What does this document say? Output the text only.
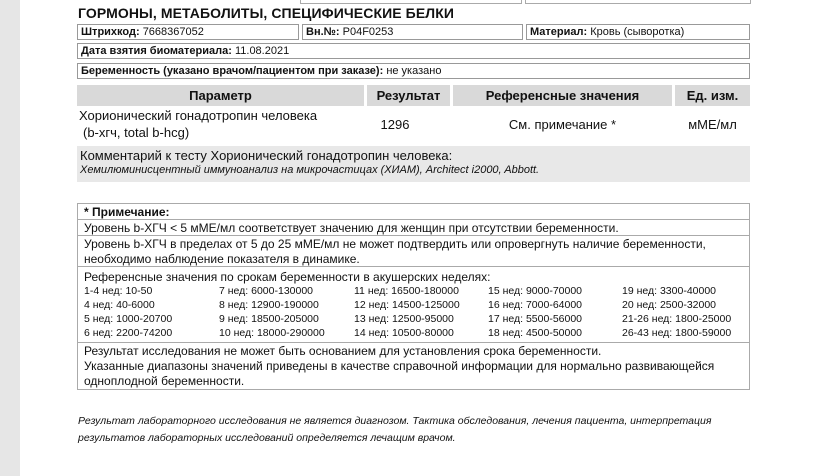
ГОРМОНЫ, МЕТАБОЛИТЫ, СПЕЦИФИЧЕСКИЕ БЕЛКИ
Штрихкод: 7668367052	Вн.№: P04F0253	Материал: Кровь (сыворотка)
Дата взятия биоматериала: 11.08.2021
Беременность (указано врачом/пациентом при заказе): не указано
Параметр	Результат	Референсные значения	Ед. изм.
Хорионический гонадотропин человека
(b-хгч, total b-hcg)
1296	См. примечание *	мМЕ/мл
Комментарий к тесту Хорионический гонадотропин человека:
Хемилюминисцентный иммуноанализ на микрочастицах (ХИАМ), Architect i2000, Abbott.
* Примечание:
Уровень b-ХГЧ < 5 мМЕ/мл соответствует значению для женщин при отсутствии беременности.
Уровень b-ХГЧ в пределах от 5 до 25 мМЕ/мл не может подтвердить или опровергнуть наличие беременности,
необходимо наблюдение показателя в динамике.
Референсные значения по срокам беременности в акушерских неделях:
1-4 нед: 10-50	7 нед: 6000-130000	11 нед: 16500-180000	15 нед: 9000-70000	19 нед: 3300-40000
4 нед: 40-6000	8 нед: 12900-190000	12 нед: 14500-125000	16 нед: 7000-64000	20 нед: 2500-32000
5 нед: 1000-20700	9 нед: 18500-205000	13 нед: 12500-95000	17 нед: 5500-56000	21-26 нед: 1800-25000
6 нед: 2200-74200	10 нед: 18000-290000	14 нед: 10500-80000	18 нед: 4500-50000	26-43 нед: 1800-59000
Результат исследования не может быть основанием для установления срока беременности.
Указанные диапазоны значений приведены в качестве справочной информации для нормально развивающейся
одноплодной беременности.
Результат лабораторного исследования не является диагнозом. Тактика обследования, лечения пациента, интерпретация
результатов лабораторных исследований определяется лечащим врачом.
